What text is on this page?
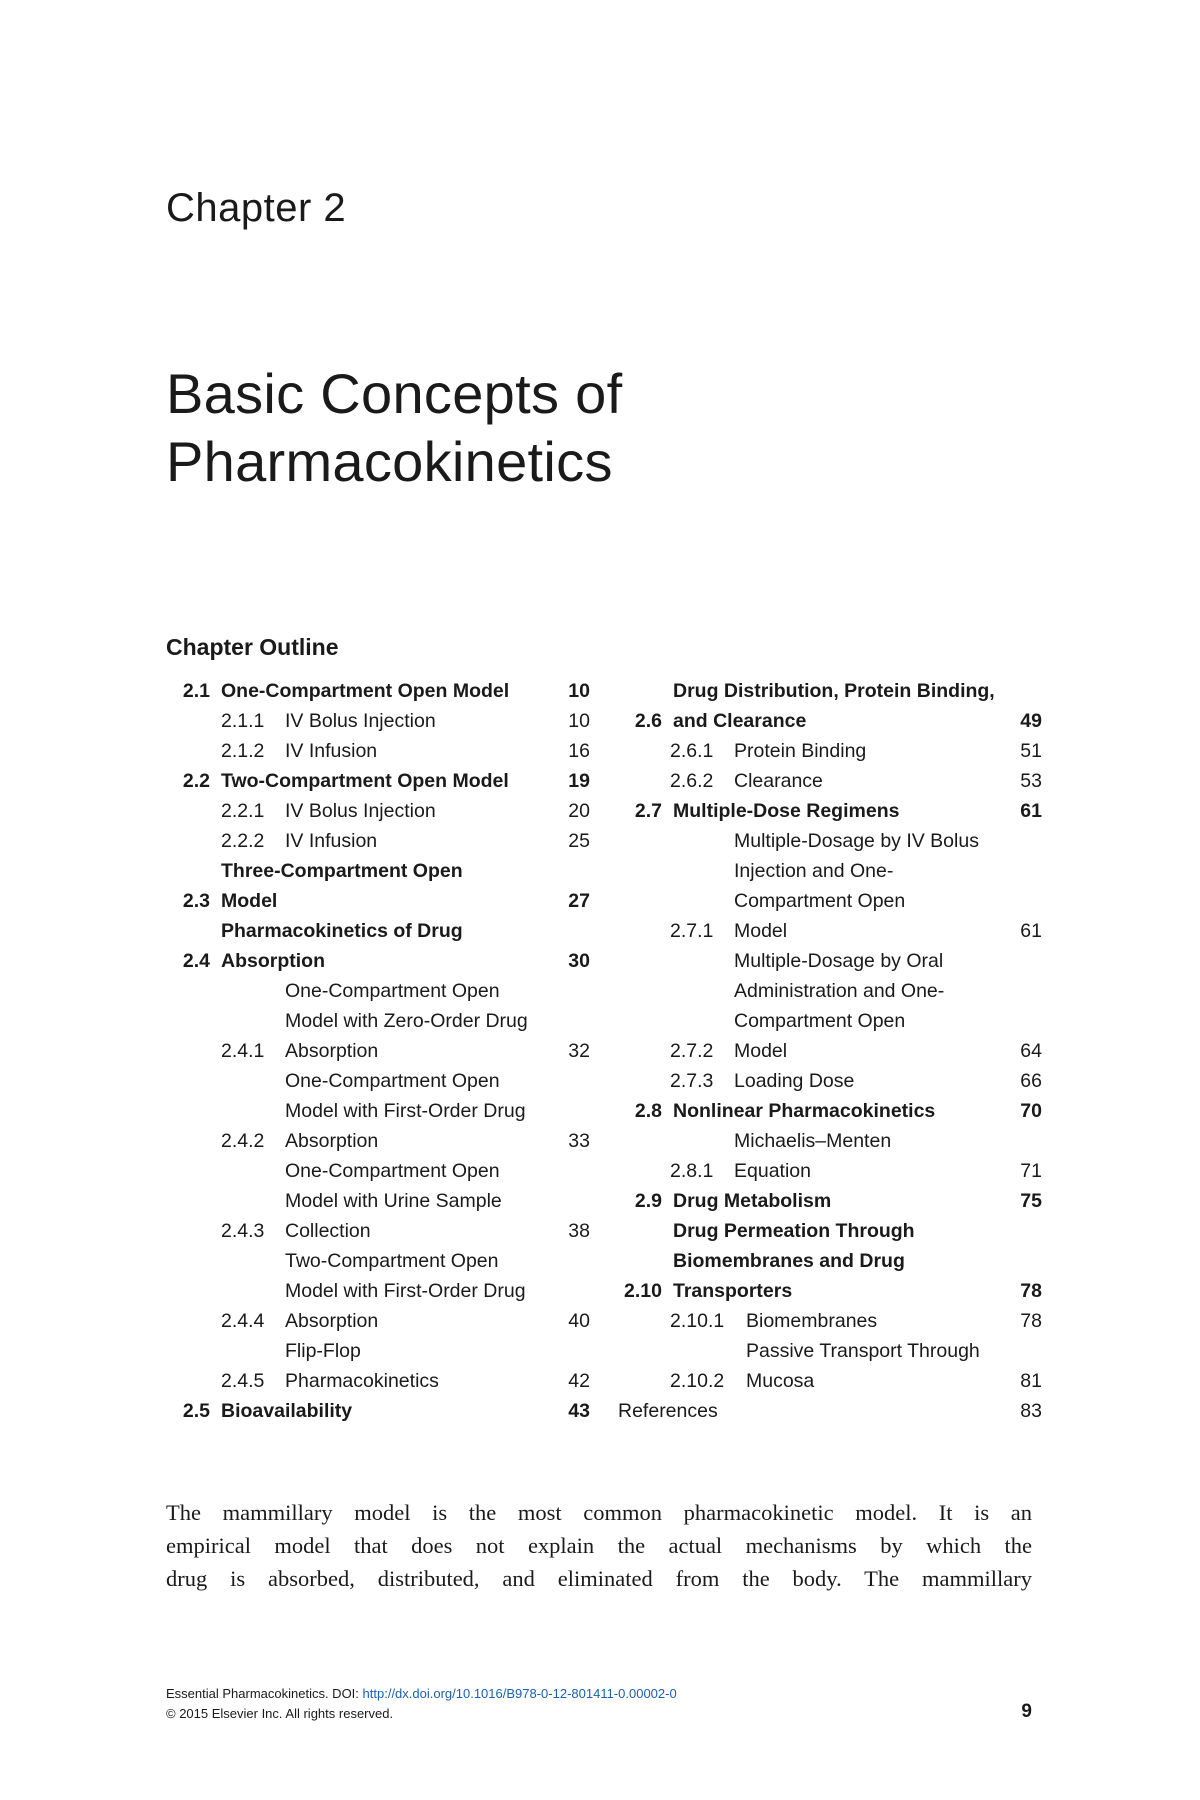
Chapter 2
Basic Concepts of
Pharmacokinetics
Chapter Outline
2.1 One-Compartment Open Model	10
2.1.1	IV Bolus Injection	10
2.1.2	IV Infusion	16
2.2 Two-Compartment Open Model	19
2.2.1	IV Bolus Injection	20
2.2.2	IV Infusion	25
2.3
Three-Compartment Open
Model	27
2.4
Pharmacokinetics of Drug
Absorption	30
2.4.1
One-Compartment Open
Model with Zero-Order Drug
Absorption	32
2.4.2
One-Compartment Open
Model with First-Order Drug
Absorption	33
2.4.3
One-Compartment Open
Model with Urine Sample
Collection	38
2.4.4
Two-Compartment Open
Model with First-Order Drug
Absorption	40
2.4.5
Flip-Flop
Pharmacokinetics	42
2.5 Bioavailability	43
2.6
Drug Distribution, Protein Binding,
and Clearance	49
2.6.1	Protein Binding	51
2.6.2	Clearance	53
2.7 Multiple-Dose Regimens	61
2.7.1
Multiple-Dosage by IV Bolus
Injection and One-
Compartment Open
Model	61
2.7.2
Multiple-Dosage by Oral
Administration and One-
Compartment Open
Model	64
2.7.3	Loading Dose	66
2.8 Nonlinear Pharmacokinetics	70
2.8.1
Michaelis–Menten
Equation	71
2.9 Drug Metabolism	75
2.10
Drug Permeation Through
Biomembranes and Drug
Transporters	78
2.10.1	Biomembranes	78
2.10.2
Passive Transport Through
Mucosa	81
References	83

The mammillary model is the most common pharmacokinetic model. It is an
empirical model that does not explain the actual mechanisms by which the
drug is absorbed, distributed, and eliminated from the body. The mammillary

Essential Pharmacokinetics. DOI: http://dx.doi.org/10.1016/B978-0-12-801411-0.00002-0
© 2015 Elsevier Inc. All rights reserved.	9
